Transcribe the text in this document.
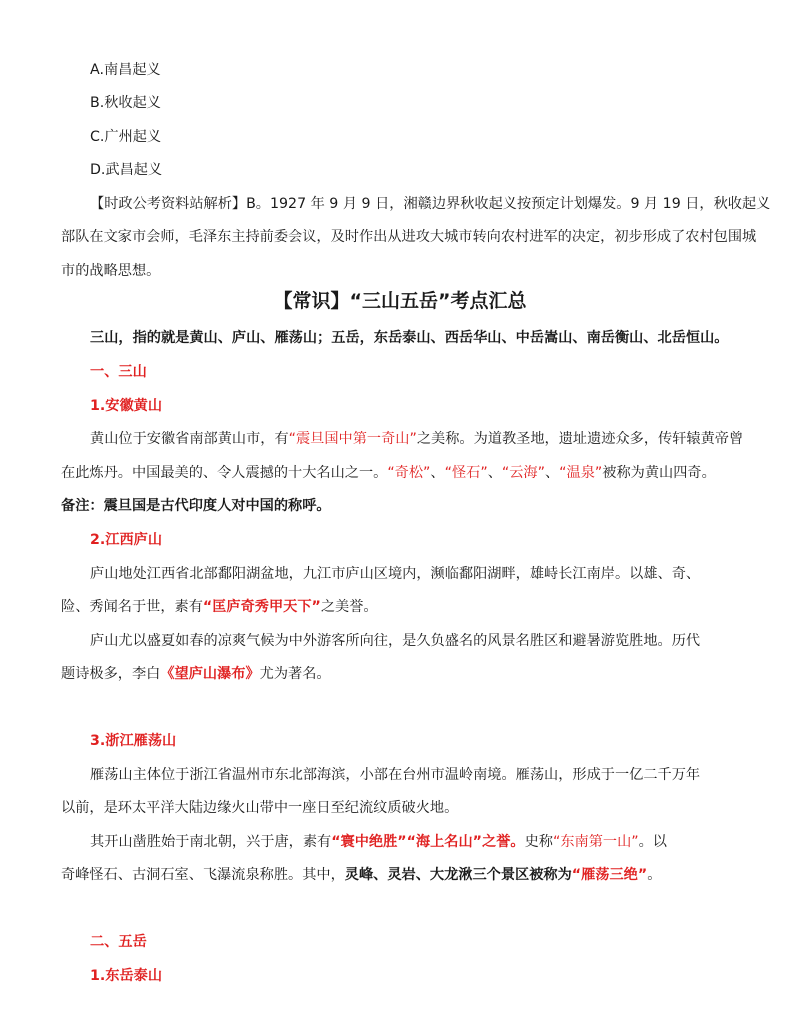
A.南昌起义
B.秋收起义
C.广州起义
D.武昌起义
【时政公考资料站解析】B。1927 年 9 月 9 日，湘赣边界秋收起义按预定计划爆发。9 月 19 日，秋收起义
部队在文家市会师，毛泽东主持前委会议，及时作出从进攻大城市转向农村进军的决定，初步形成了农村包围城
市的战略思想。
【常识】“三山五岳”考点汇总
三山，指的就是黄山、庐山、雁荡山；五岳，东岳泰山、西岳华山、中岳嵩山、南岳衡山、北岳恒山。
一、三山
1.安徽黄山
黄山位于安徽省南部黄山市，有“震旦国中第一奇山”之美称。为道教圣地，遗址遗迹众多，传轩辕黄帝曾
在此炼丹。中国最美的、令人震撼的十大名山之一。“奇松”、“怪石”、“云海”、“温泉”被称为黄山四奇。
备注：震旦国是古代印度人对中国的称呼。
2.江西庐山
庐山地处江西省北部鄱阳湖盆地，九江市庐山区境内，濒临鄱阳湖畔，雄峙长江南岸。以雄、奇、
险、秀闻名于世，素有“匡庐奇秀甲天下”之美誉。
庐山尤以盛夏如春的凉爽气候为中外游客所向往，是久负盛名的风景名胜区和避暑游览胜地。历代
题诗极多，李白《望庐山瀑布》尤为著名。
3.浙江雁荡山
雁荡山主体位于浙江省温州市东北部海滨，小部在台州市温岭南境。雁荡山，形成于一亿二千万年
以前，是环太平洋大陆边缘火山带中一座日至纪流纹质破火地。
其开山凿胜始于南北朝，兴于唐，素有“寰中绝胜”“海上名山”之誉。史称“东南第一山”。以
奇峰怪石、古洞石室、飞瀑流泉称胜。其中，灵峰、灵岩、大龙湫三个景区被称为“雁荡三绝”。
二、五岳
1.东岳泰山
